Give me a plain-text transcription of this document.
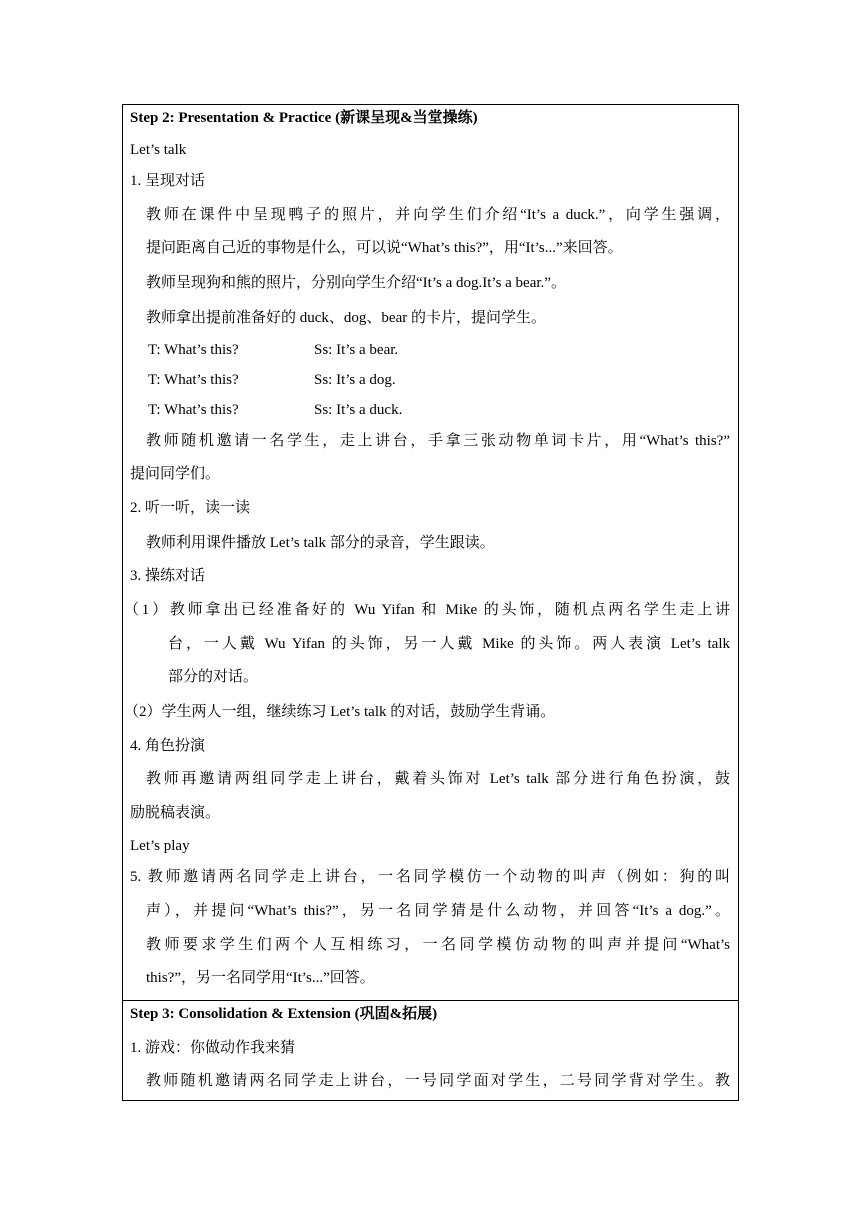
Step 2: Presentation & Practice (新课呈现&当堂操练)
Let’s talk
1. 呈现对话
教师在课件中呈现鸭子的照片，并向学生们介绍“It’s a duck.”，向学生强调，
提问距离自己近的事物是什么，可以说“What’s this?”，用“It’s...”来回答。
教师呈现狗和熊的照片，分别向学生介绍“It’s a dog.It’s a bear.”。
教师拿出提前准备好的 duck、dog、bear 的卡片，提问学生。
T: What’s this?	Ss: It’s a bear.
T: What’s this?	Ss: It’s a dog.
T: What’s this?	Ss: It’s a duck.
教师随机邀请一名学生，走上讲台，手拿三张动物单词卡片，用“What’s this?”
提问同学们。
2. 听一听，读一读
教师利用课件播放 Let’s talk 部分的录音，学生跟读。
3. 操练对话
（1）教师拿出已经准备好的 Wu Yifan 和 Mike 的头饰，随机点两名学生走上讲
台，一人戴 Wu Yifan 的头饰，另一人戴 Mike 的头饰。两人表演 Let’s talk
部分的对话。
（2）学生两人一组，继续练习 Let’s talk 的对话，鼓励学生背诵。
4. 角色扮演
教师再邀请两组同学走上讲台，戴着头饰对 Let’s talk 部分进行角色扮演，鼓
励脱稿表演。
Let’s play
5. 教师邀请两名同学走上讲台，一名同学模仿一个动物的叫声（例如：狗的叫
声），并提问“What’s this?”，另一名同学猜是什么动物，并回答“It’s a dog.”。
教师要求学生们两个人互相练习，一名同学模仿动物的叫声并提问“What’s
this?”，另一名同学用“It’s...”回答。
Step 3: Consolidation & Extension (巩固&拓展)
1. 游戏：你做动作我来猜
教师随机邀请两名同学走上讲台，一号同学面对学生，二号同学背对学生。教
